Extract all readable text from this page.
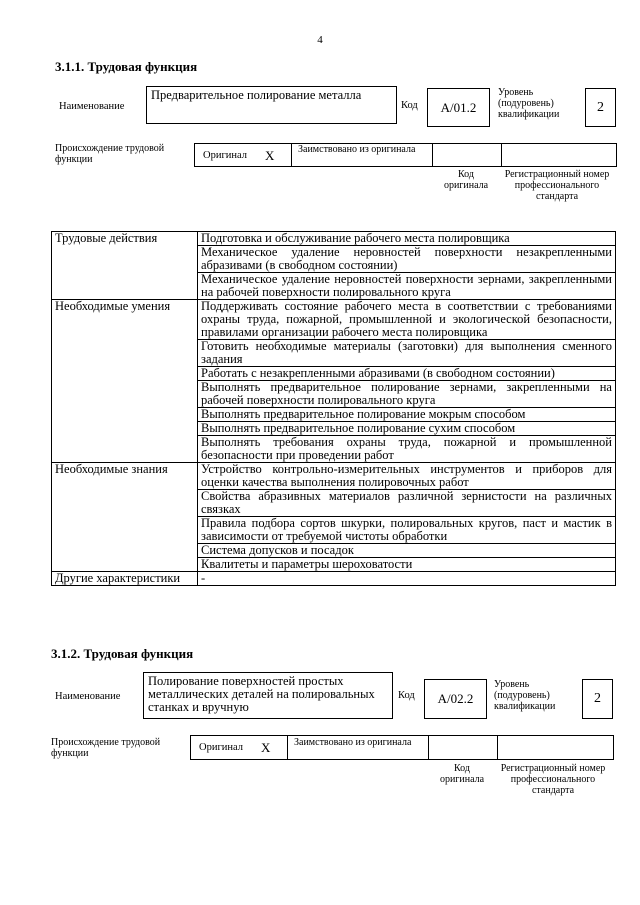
4
3.1.1. Трудовая функция
Наименование
Предварительное полирование металла
Код	А/01.2
Уровень (подуровень) квалификации	2
Происхождение трудовой функции	Оригинал X Заимствовано из оригинала
Код оригинала
Регистрационный номер профессионального стандарта
Трудовые действия	Подготовка и обслуживание рабочего места полировщика
	Механическое удаление неровностей поверхности незакрепленными абразивами (в свободном состоянии)
	Механическое удаление неровностей поверхности зернами, закрепленными на рабочей поверхности полировального круга
Необходимые умения	Поддерживать состояние рабочего места в соответствии с требованиями охраны труда, пожарной, промышленной и экологической безопасности, правилами организации рабочего места полировщика
	Готовить необходимые материалы (заготовки) для выполнения сменного задания
	Работать с незакрепленными абразивами (в свободном состоянии)
	Выполнять предварительное полирование зернами, закрепленными на рабочей поверхности полировального круга
	Выполнять предварительное полирование мокрым способом
	Выполнять предварительное полирование сухим способом
	Выполнять требования охраны труда, пожарной и промышленной безопасности при проведении работ
Необходимые знания	Устройство контрольно-измерительных инструментов и приборов для оценки качества выполнения полировочных работ
	Свойства абразивных материалов различной зернистости на различных связках
	Правила подбора сортов шкурки, полировальных кругов, паст и мастик в зависимости от требуемой чистоты обработки
	Система допусков и посадок
	Квалитеты и параметры шероховатости
Другие характеристики	-
3.1.2. Трудовая функция
Наименование
Полирование поверхностей простых металлических деталей на полировальных станках и вручную
Код	А/02.2
Уровень (подуровень) квалификации
2
Происхождение трудовой функции
Оригинал X Заимствовано из оригинала
Код оригинала
Регистрационный номер профессионального стандарта
